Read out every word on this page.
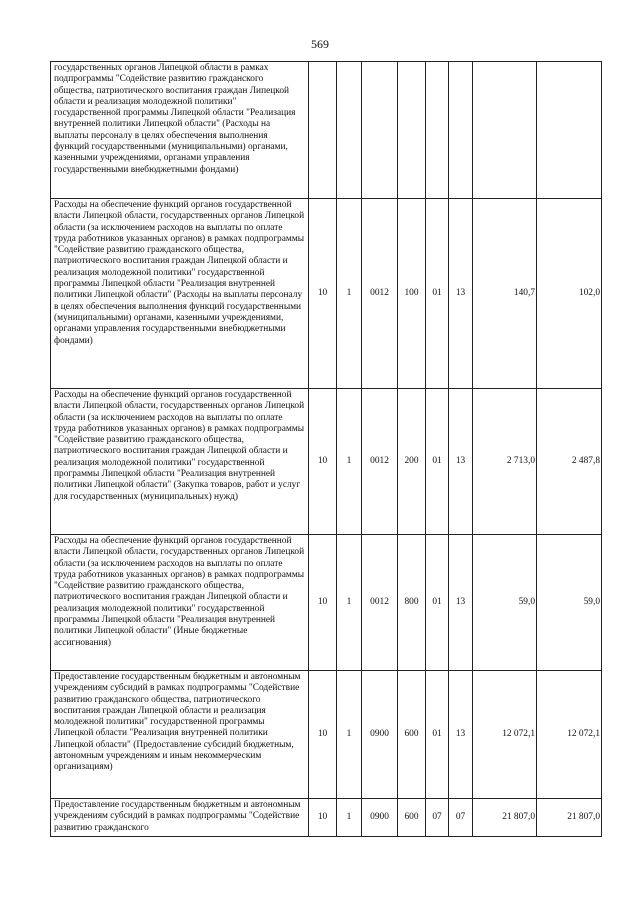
569
государственных органов Липецкой области в рамках подпрограммы "Содействие развитию гражданского общества, патриотического воспитания граждан Липецкой области и реализация молодежной политики" государственной программы Липецкой области "Реализация внутренней политики Липецкой области" (Расходы на выплаты персоналу в целях обеспечения выполнения функций государственными (муниципальными) органами, казенными учреждениями, органами управления государственными внебюджетными фондами)								
Расходы на обеспечение функций органов государственной власти Липецкой области, государственных органов Липецкой области (за исключением расходов на выплаты по оплате труда работников указанных органов) в рамках подпрограммы "Содействие развитию гражданского общества, патриотического воспитания граждан Липецкой области и реализация молодежной политики" государственной программы Липецкой области "Реализация внутренней политики Липецкой области" (Расходы на выплаты персоналу в целях обеспечения выполнения функций государственными (муниципальными) органами, казенными учреждениями, органами управления государственными внебюджетными фондами)	10	1	0012	100	01	13	140,7	102,0
Расходы на обеспечение функций органов государственной власти Липецкой области, государственных органов Липецкой области (за исключением расходов на выплаты по оплате труда работников указанных органов) в рамках подпрограммы "Содействие развитию гражданского общества, патриотического воспитания граждан Липецкой области и реализация молодежной политики" государственной программы Липецкой области "Реализация внутренней политики Липецкой области" (Закупка товаров, работ и услуг для государственных (муниципальных) нужд)	10	1	0012	200	01	13	2 713,0	2 487,8
Расходы на обеспечение функций органов государственной власти Липецкой области, государственных органов Липецкой области (за исключением расходов на выплаты по оплате труда работников указанных органов) в рамках подпрограммы "Содействие развитию гражданского общества, патриотического воспитания граждан Липецкой области и реализация молодежной политики" государственной программы Липецкой области "Реализация внутренней политики Липецкой области" (Иные бюджетные ассигнования)	10	1	0012	800	01	13	59,0	59,0
Предоставление государственным бюджетным и автономным учреждениям субсидий в рамках подпрограммы "Содействие развитию гражданского общества, патриотического воспитания граждан Липецкой области и реализация молодежной политики" государственной программы Липецкой области "Реализация внутренней политики Липецкой области" (Предоставление субсидий бюджетным, автономным учреждениям и иным некоммерческим организациям)	10	1	0900	600	01	13	12 072,1	12 072,1
Предоставление государственным бюджетным и автономным учреждениям субсидий в рамках подпрограммы "Содействие развитию гражданского	10	1	0900	600	07	07	21 807,0	21 807,0
